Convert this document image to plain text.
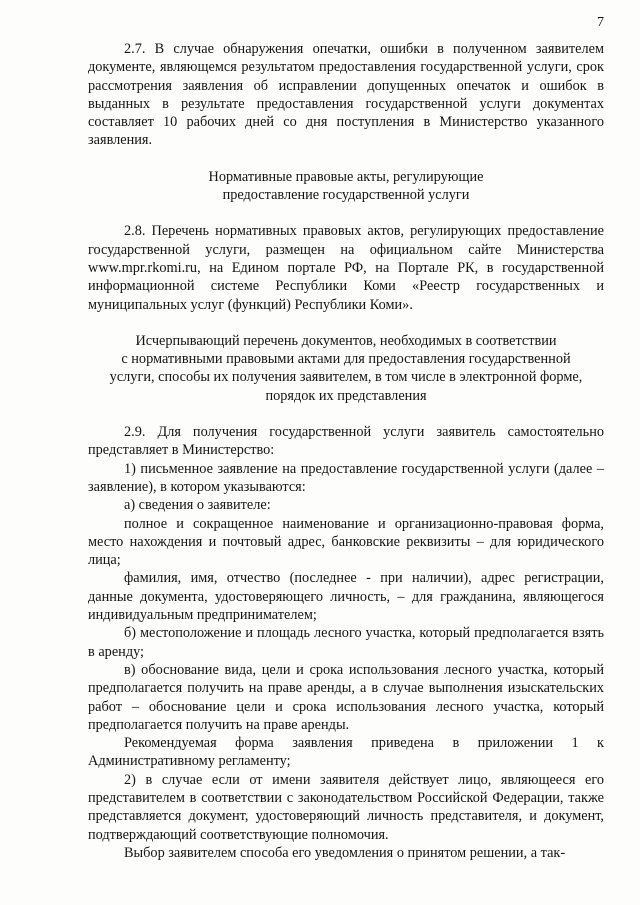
7

2.7. В случае обнаружения опечатки, ошибки в полученном заявителем документе, являющемся результатом предоставления государственной услуги, срок рассмотрения заявления об исправлении допущенных опечаток и ошибок в выданных в результате предоставления государственной услуги документах составляет 10 рабочих дней со дня поступления в Министерство указанного заявления.

Нормативные правовые акты, регулирующие
предоставление государственной услуги

2.8. Перечень нормативных правовых актов, регулирующих предоставление государственной услуги, размещен на официальном сайте Министерства www.mpr.rkomi.ru, на Едином портале РФ, на Портале РК, в государственной информационной системе Республики Коми «Реестр государственных и муниципальных услуг (функций) Республики Коми».

Исчерпывающий перечень документов, необходимых в соответствии
с нормативными правовыми актами для предоставления государственной
услуги, способы их получения заявителем, в том числе в электронной форме,
порядок их представления

2.9. Для получения государственной услуги заявитель самостоятельно представляет в Министерство:

1) письменное заявление на предоставление государственной услуги (далее – заявление), в котором указываются:

а) сведения о заявителе:

полное и сокращенное наименование и организационно-правовая форма, место нахождения и почтовый адрес, банковские реквизиты – для юридического лица;

фамилия, имя, отчество (последнее - при наличии), адрес регистрации, данные документа, удостоверяющего личность, – для гражданина, являющегося индивидуальным предпринимателем;

б) местоположение и площадь лесного участка, который предполагается взять в аренду;

в) обоснование вида, цели и срока использования лесного участка, который предполагается получить на праве аренды, а в случае выполнения изыскательских работ – обоснование цели и срока использования лесного участка, который предполагается получить на праве аренды.

Рекомендуемая форма заявления приведена в приложении 1 к Административному регламенту;

2) в случае если от имени заявителя действует лицо, являющееся его представителем в соответствии с законодательством Российской Федерации, также представляется документ, удостоверяющий личность представителя, и документ, подтверждающий соответствующие полномочия.

Выбор заявителем способа его уведомления о принятом решении, а так-
